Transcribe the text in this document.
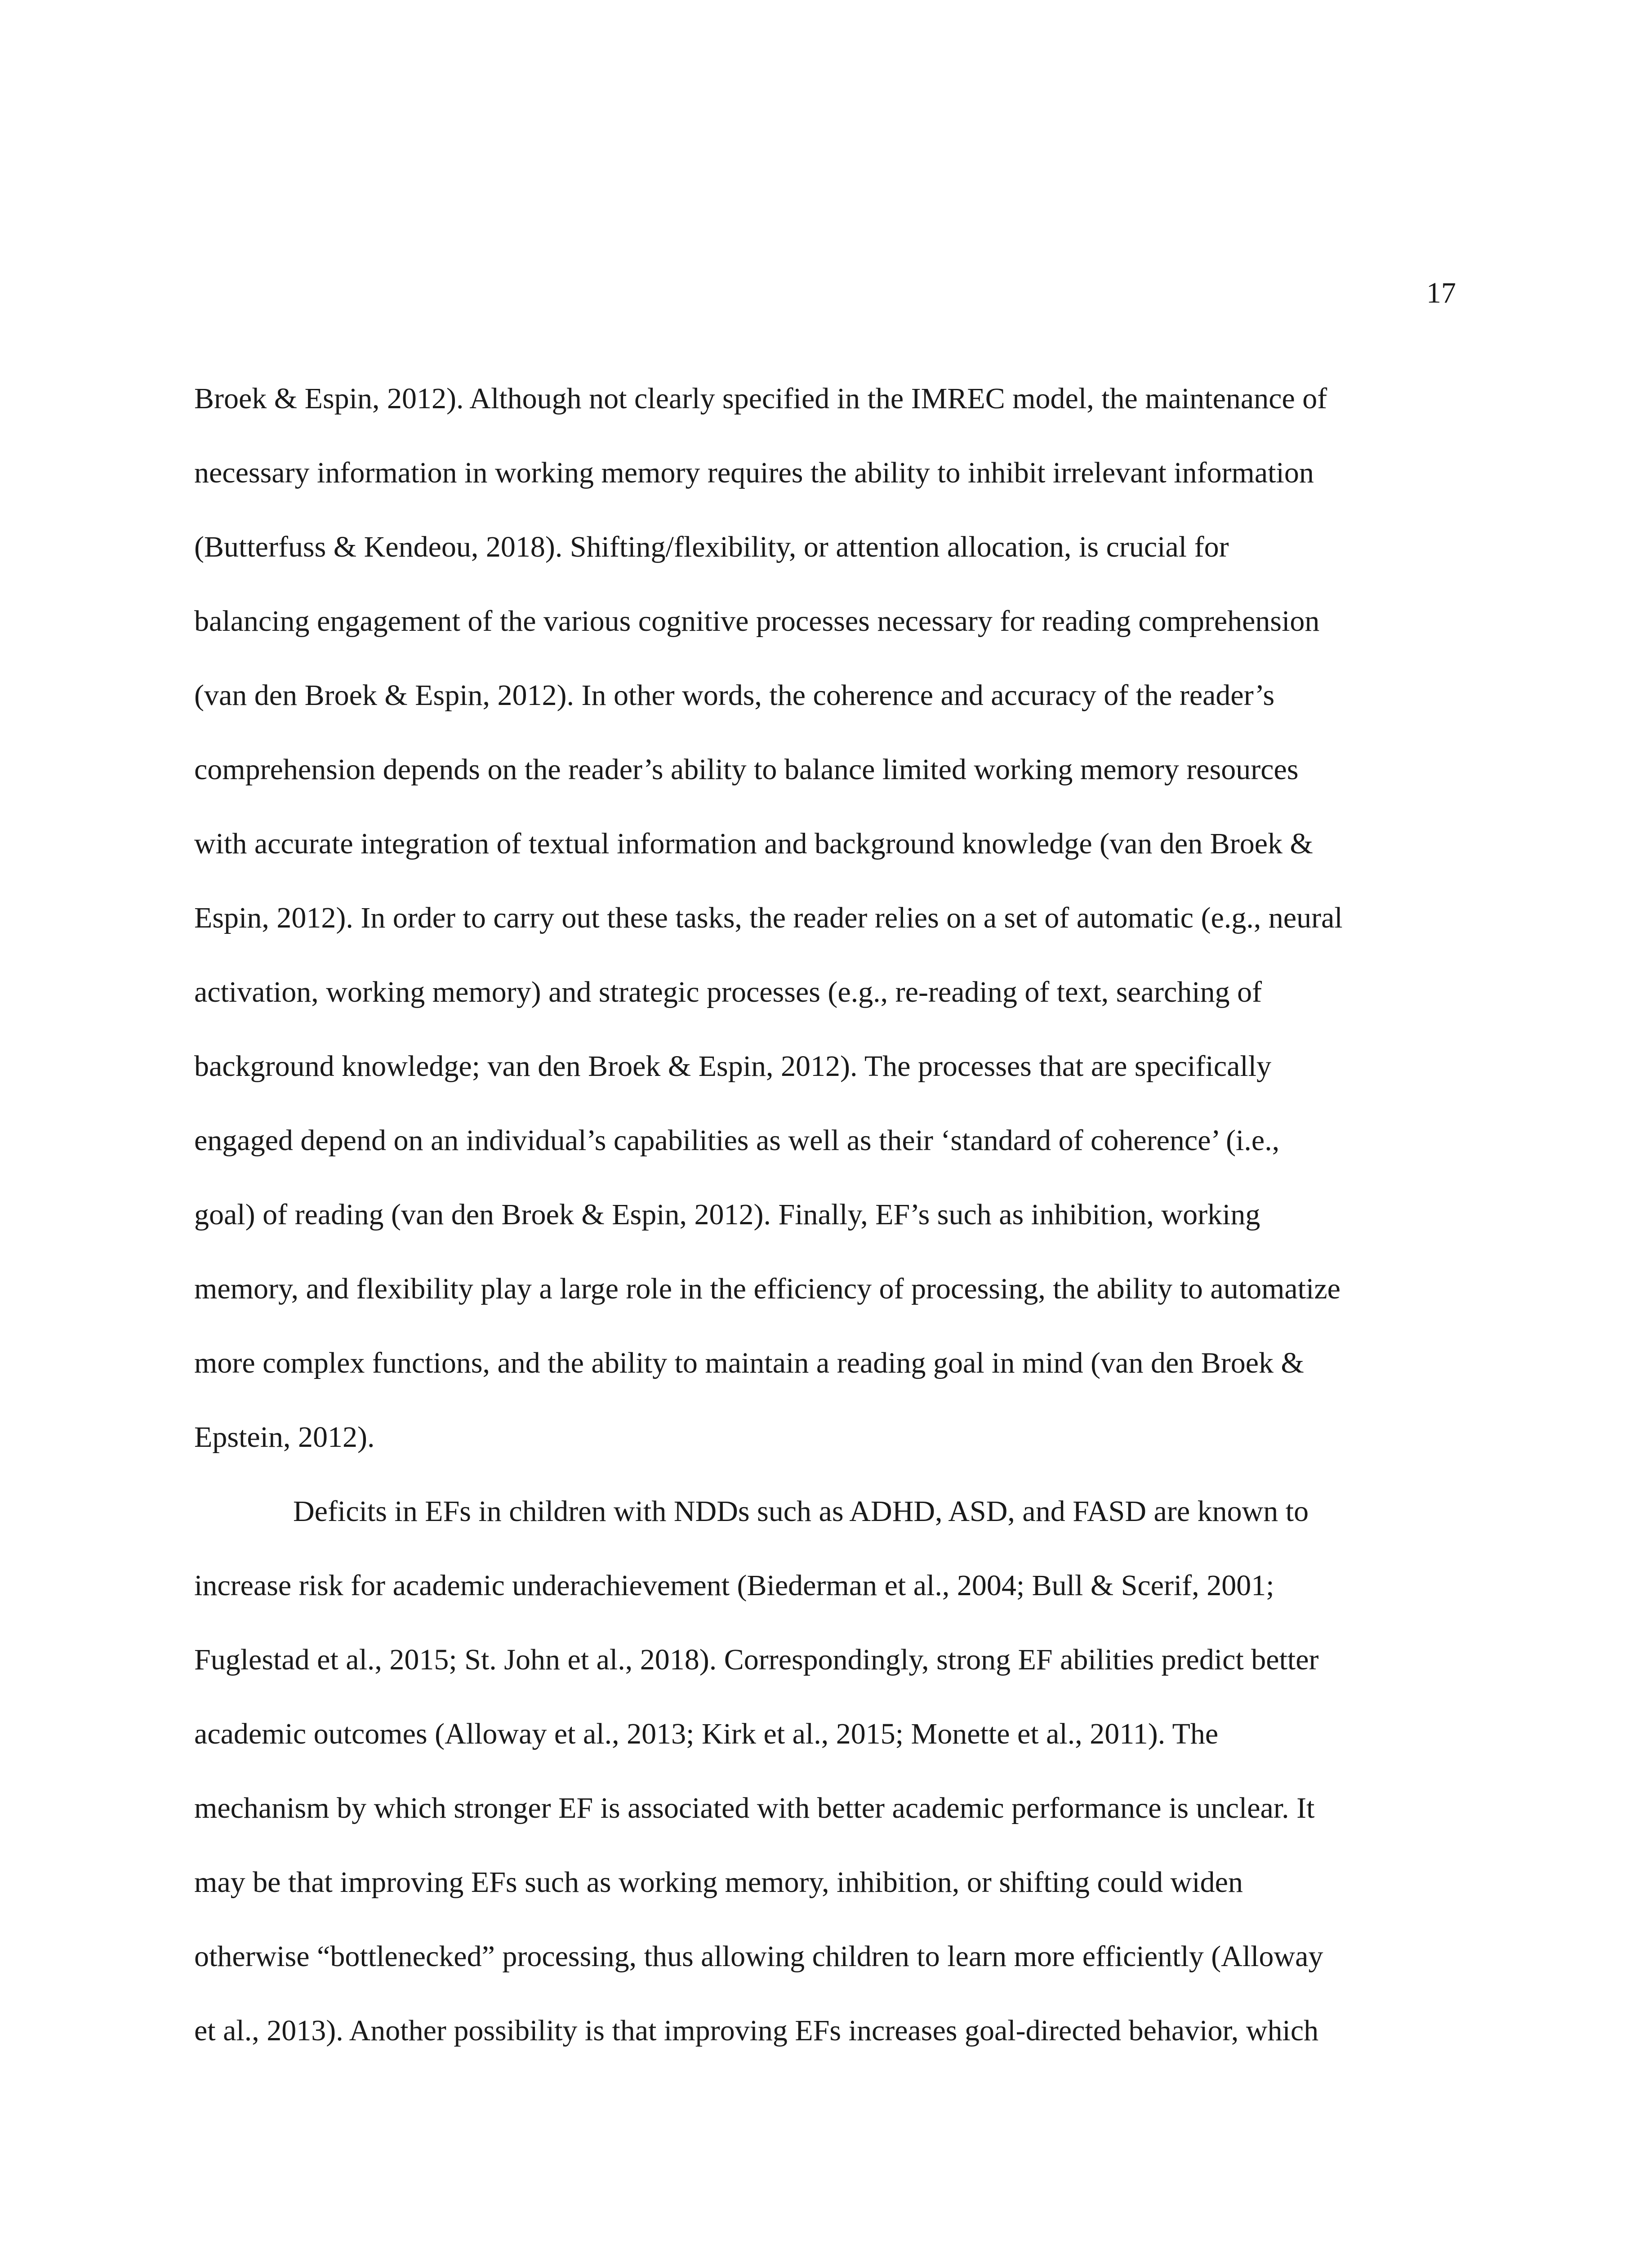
17

Broek & Espin, 2012). Although not clearly specified in the IMREC model, the maintenance of
necessary information in working memory requires the ability to inhibit irrelevant information
(Butterfuss & Kendeou, 2018). Shifting/flexibility, or attention allocation, is crucial for
balancing engagement of the various cognitive processes necessary for reading comprehension
(van den Broek & Espin, 2012). In other words, the coherence and accuracy of the reader’s
comprehension depends on the reader’s ability to balance limited working memory resources
with accurate integration of textual information and background knowledge (van den Broek &
Espin, 2012). In order to carry out these tasks, the reader relies on a set of automatic (e.g., neural
activation, working memory) and strategic processes (e.g., re-reading of text, searching of
background knowledge; van den Broek & Espin, 2012). The processes that are specifically
engaged depend on an individual’s capabilities as well as their ‘standard of coherence’ (i.e.,
goal) of reading (van den Broek & Espin, 2012). Finally, EF’s such as inhibition, working
memory, and flexibility play a large role in the efficiency of processing, the ability to automatize
more complex functions, and the ability to maintain a reading goal in mind (van den Broek &
Epstein, 2012).
Deficits in EFs in children with NDDs such as ADHD, ASD, and FASD are known to
increase risk for academic underachievement (Biederman et al., 2004; Bull & Scerif, 2001;
Fuglestad et al., 2015; St. John et al., 2018). Correspondingly, strong EF abilities predict better
academic outcomes (Alloway et al., 2013; Kirk et al., 2015; Monette et al., 2011). The
mechanism by which stronger EF is associated with better academic performance is unclear. It
may be that improving EFs such as working memory, inhibition, or shifting could widen
otherwise “bottlenecked” processing, thus allowing children to learn more efficiently (Alloway
et al., 2013). Another possibility is that improving EFs increases goal-directed behavior, which
